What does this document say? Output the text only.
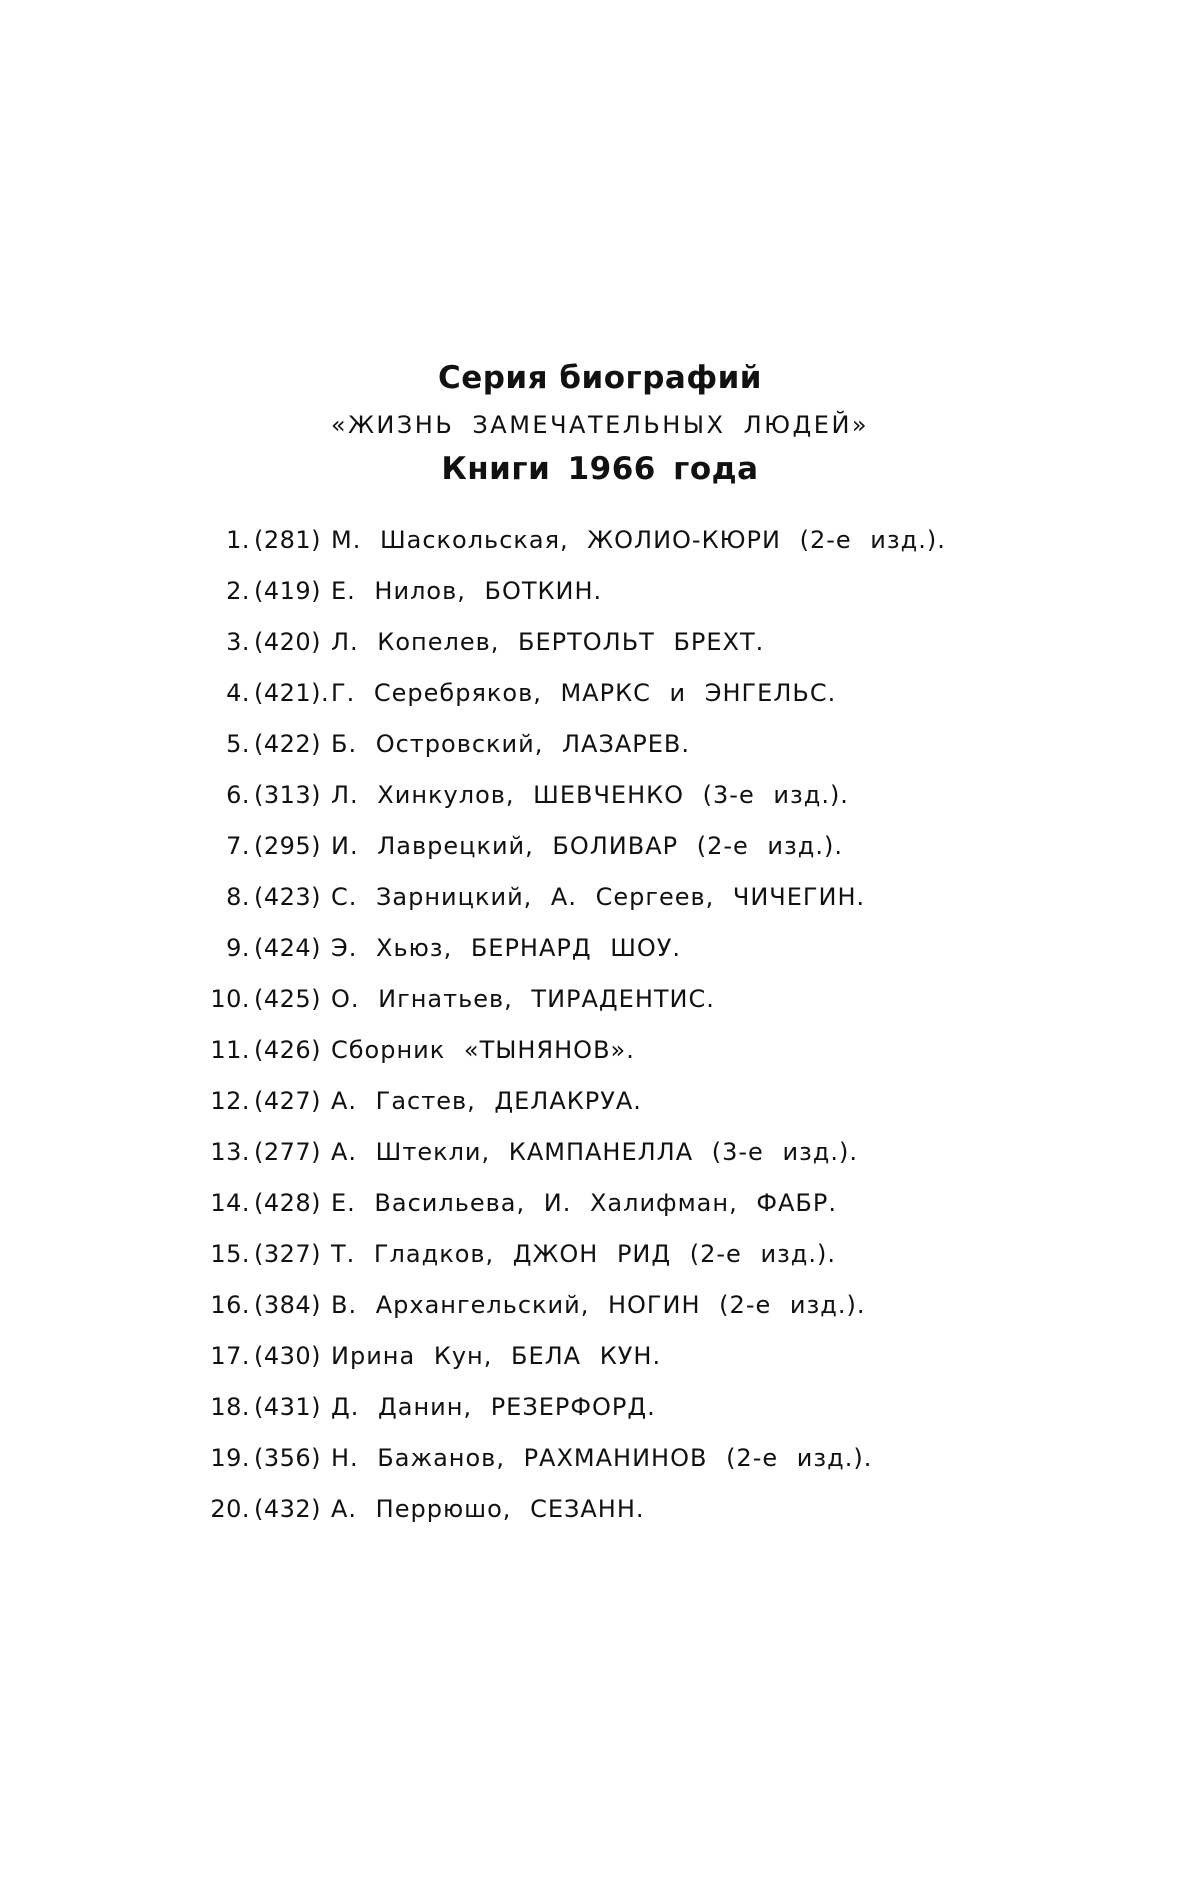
Серия биографий
«ЖИЗНЬ ЗАМЕЧАТЕЛЬНЫХ ЛЮДЕЙ»
Книги 1966 года
1. (281) М. Шаскольская, ЖОЛИО-КЮРИ (2-е изд.).
2. (419) Е. Нилов, БОТКИН.
3. (420) Л. Копелев, БЕРТОЛЬТ БРЕХТ.
4. (421). Г. Серебряков, МАРКС и ЭНГЕЛЬС.
5. (422) Б. Островский, ЛАЗАРЕВ.
6. (313) Л. Хинкулов, ШЕВЧЕНКО (3-е изд.).
7. (295) И. Лаврецкий, БОЛИВАР (2-е изд.).
8. (423) С. Зарницкий, А. Сергеев, ЧИЧЕГИН.
9. (424) Э. Хьюз, БЕРНАРД ШОУ.
10. (425) О. Игнатьев, ТИРАДЕНТИС.
11. (426) Сборник «ТЫНЯНОВ».
12. (427) А. Гастев, ДЕЛАКРУА.
13. (277) А. Штекли, КАМПАНЕЛЛА (3-е изд.).
14. (428) Е. Васильева, И. Халифман, ФАБР.
15. (327) Т. Гладков, ДЖОН РИД (2-е изд.).
16. (384) В. Архангельский, НОГИН (2-е изд.).
17. (430) Ирина Кун, БЕЛА КУН.
18. (431) Д. Данин, РЕЗЕРФОРД.
19. (356) Н. Бажанов, РАХМАНИНОВ (2-е изд.).
20. (432) А. Перрюшо, СЕЗАНН.
